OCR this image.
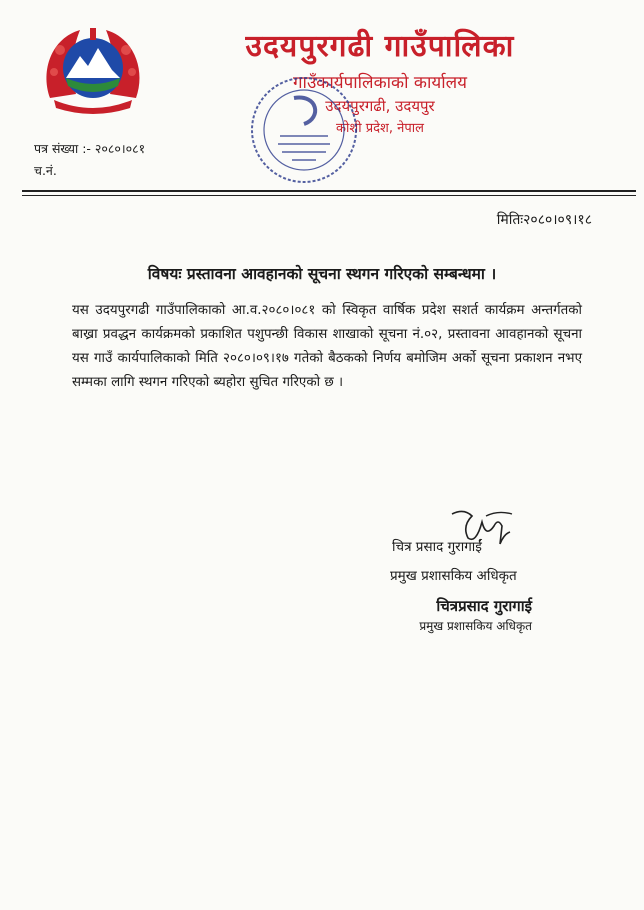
उदयपुरगढी गाउँपालिका
गाउँकार्यपालिकाको कार्यालय
उदयपुरगढी, उदयपुर
कोशी प्रदेश, नेपाल
पत्र संख्या :- २०८०।०८१
च.नं.
मितिः२०८०।०९।१८
विषयः प्रस्तावना आवहानको सूचना स्थगन गरिएको सम्बन्धमा ।

यस उदयपुरगढी गाउँपालिकाको आ.व.२०८०।०८१ को स्विकृत वार्षिक प्रदेश सशर्त कार्यक्रम अन्तर्गतको बाख्रा प्रवद्धन कार्यक्रमको प्रकाशित पशुपन्छी विकास शाखाको सूचना नं.०२, प्रस्तावना आवहानको सूचना यस गाउँ कार्यपालिकाको मिति २०८०।०९।१७ गतेको बैठकको निर्णय बमोजिम अर्को सूचना प्रकाशन नभए सम्मका लागि स्थगन गरिएको ब्यहोरा सुचित गरिएको छ ।

चित्र प्रसाद गुरागाईं
प्रमुख प्रशासकिय अधिकृत
चित्रप्रसाद गुरागाई
प्रमुख प्रशासकिय अधिकृत
